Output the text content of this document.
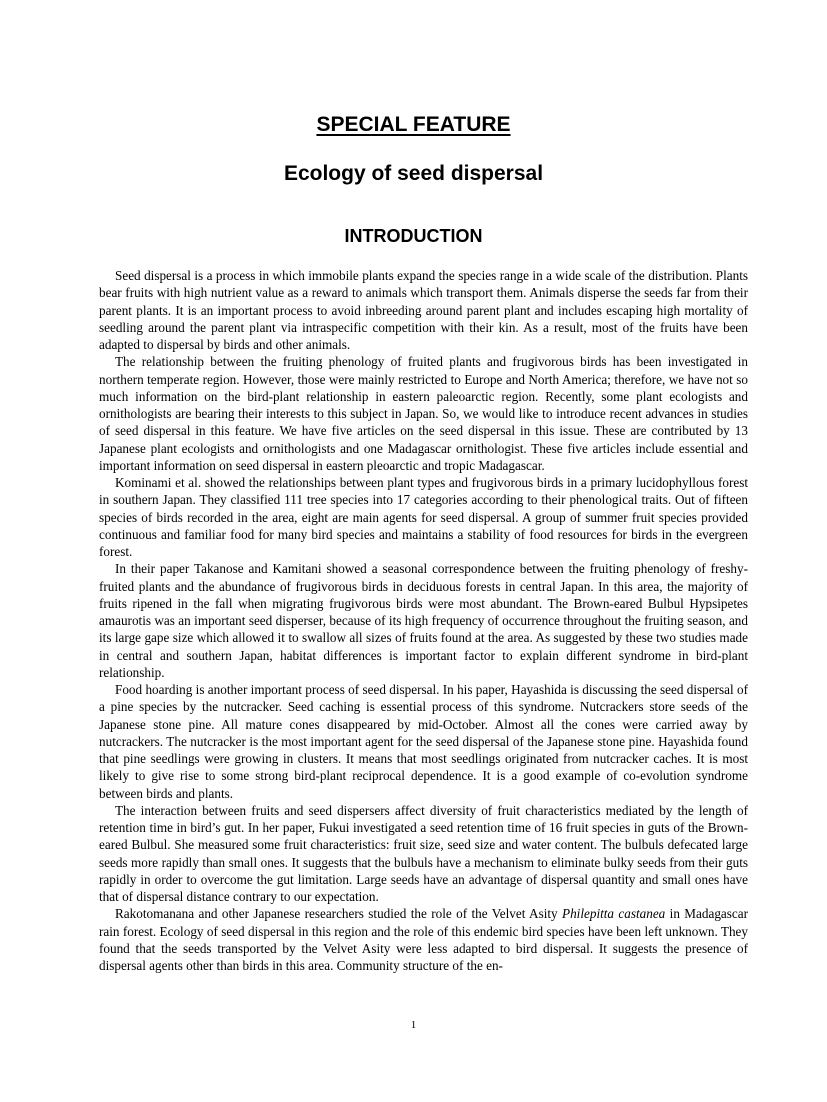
SPECIAL FEATURE
Ecology of seed dispersal
INTRODUCTION

Seed dispersal is a process in which immobile plants expand the species range in a wide scale of the distribution. Plants bear fruits with high nutrient value as a reward to animals which transport them. Animals disperse the seeds far from their parent plants. It is an important process to avoid inbreeding around parent plant and includes escaping high mortality of seedling around the parent plant via intraspecific competition with their kin. As a result, most of the fruits have been adapted to dispersal by birds and other animals.

The relationship between the fruiting phenology of fruited plants and frugivorous birds has been investigated in northern temperate region. However, those were mainly restricted to Europe and North America; therefore, we have not so much information on the bird-plant relationship in eastern paleoarctic region. Recently, some plant ecologists and ornithologists are bearing their interests to this subject in Japan. So, we would like to introduce recent advances in studies of seed dispersal in this feature. We have five articles on the seed dispersal in this issue. These are contributed by 13 Japanese plant ecologists and ornithologists and one Madagascar ornithologist. These five articles include essential and important information on seed dispersal in eastern pleoarctic and tropic Madagascar.

Kominami et al. showed the relationships between plant types and frugivorous birds in a primary lucidophyllous forest in southern Japan. They classified 111 tree species into 17 categories according to their phenological traits. Out of fifteen species of birds recorded in the area, eight are main agents for seed dispersal. A group of summer fruit species provided continuous and familiar food for many bird species and maintains a stability of food resources for birds in the evergreen forest.

In their paper Takanose and Kamitani showed a seasonal correspondence between the fruiting phenology of freshy-fruited plants and the abundance of frugivorous birds in deciduous forests in central Japan. In this area, the majority of fruits ripened in the fall when migrating frugivorous birds were most abundant. The Brown-eared Bulbul Hypsipetes amaurotis was an important seed disperser, because of its high frequency of occurrence throughout the fruiting season, and its large gape size which allowed it to swallow all sizes of fruits found at the area. As suggested by these two studies made in central and southern Japan, habitat differences is important factor to explain different syndrome in bird-plant relationship.

Food hoarding is another important process of seed dispersal. In his paper, Hayashida is discussing the seed dispersal of a pine species by the nutcracker. Seed caching is essential process of this syndrome. Nutcrackers store seeds of the Japanese stone pine. All mature cones disappeared by mid-October. Almost all the cones were carried away by nutcrackers. The nutcracker is the most important agent for the seed dispersal of the Japanese stone pine. Hayashida found that pine seedlings were growing in clusters. It means that most seedlings originated from nutcracker caches. It is most likely to give rise to some strong bird-plant reciprocal dependence. It is a good example of co-evolution syndrome between birds and plants.

The interaction between fruits and seed dispersers affect diversity of fruit characteristics mediated by the length of retention time in bird’s gut. In her paper, Fukui investigated a seed retention time of 16 fruit species in guts of the Brown-eared Bulbul. She measured some fruit characteristics: fruit size, seed size and water content. The bulbuls defecated large seeds more rapidly than small ones. It suggests that the bulbuls have a mechanism to eliminate bulky seeds from their guts rapidly in order to overcome the gut limitation. Large seeds have an advantage of dispersal quantity and small ones have that of dispersal distance contrary to our expectation.

Rakotomanana and other Japanese researchers studied the role of the Velvet Asity Philepitta castanea in Madagascar rain forest. Ecology of seed dispersal in this region and the role of this endemic bird species have been left unknown. They found that the seeds transported by the Velvet Asity were less adapted to bird dispersal. It suggests the presence of dispersal agents other than birds in this area. Community structure of the en-

1
